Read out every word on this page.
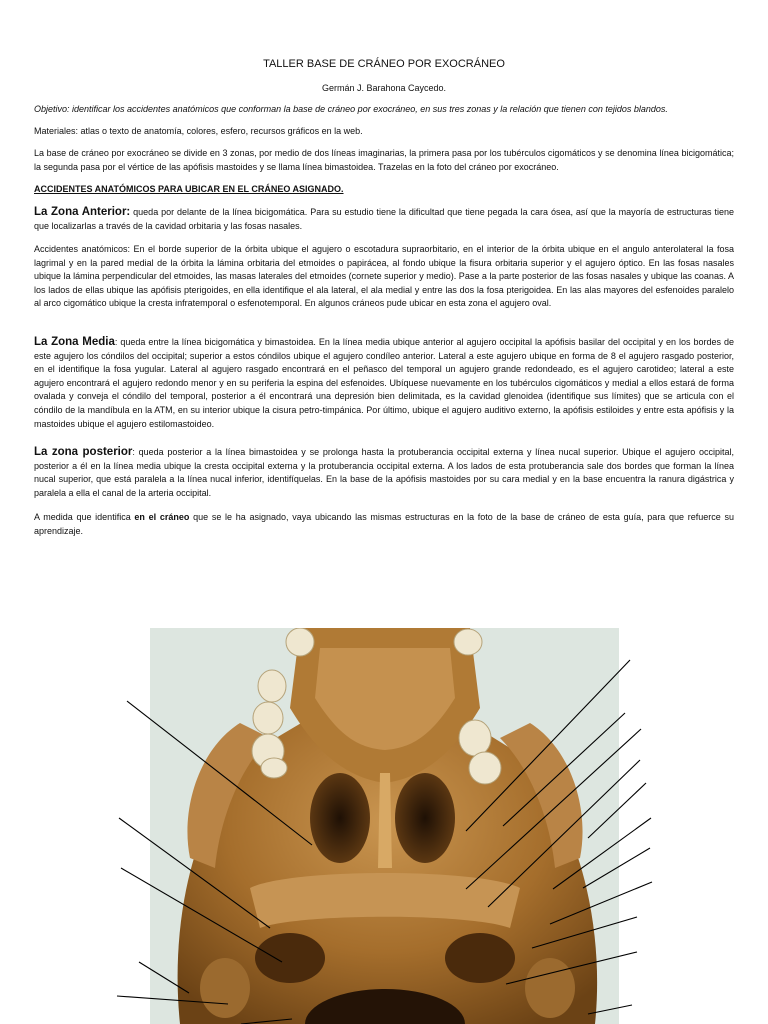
TALLER BASE DE CRÁNEO POR EXOCRÁNEO
Germán J. Barahona Caycedo.

Objetivo: identificar los accidentes anatómicos que conforman la base de cráneo por exocráneo, en sus tres zonas y la relación que tienen con tejidos blandos.

Materiales: atlas o texto de anatomía, colores, esfero, recursos gráficos en la web.

La base de cráneo por exocráneo se divide en 3 zonas, por medio de dos líneas imaginarias, la primera pasa por los tubérculos cigomáticos y se denomina línea bicigomática; la segunda pasa por el vértice de las apófisis mastoides y se llama línea bimastoidea. Trazelas en la foto del cráneo por exocráneo.

ACCIDENTES ANATÓMICOS PARA UBICAR EN EL CRÁNEO ASIGNADO.

La Zona Anterior: queda por delante de la línea bicigomática. Para su estudio tiene la dificultad que tiene pegada la cara ósea, así que la mayoría de estructuras tiene que localizarlas a través de la cavidad orbitaria y las fosas nasales.

Accidentes anatómicos: En el borde superior de la órbita ubique el agujero o escotadura supraorbitario, en el interior de la órbita ubique en el angulo anterolateral la fosa lagrimal y en la pared medial de la órbita la lámina orbitaria del etmoides o papirácea, al fondo ubique la fisura orbitaria superior y el agujero óptico. En las fosas nasales ubique la lámina perpendicular del etmoides, las masas laterales del etmoides (cornete superior y medio). Pase a la parte posterior de las fosas nasales y ubique las coanas. A los lados de ellas ubique las apófisis pterigoides, en ella identifique el ala lateral, el ala medial y entre las dos la fosa pterigoidea. En las alas mayores del esfenoides paralelo al arco cigomático ubique la cresta infratemporal o esfenotemporal. En algunos cráneos pude ubicar en esta zona el agujero oval.

La Zona Media: queda entre la línea bicigomática y bimastoidea. En la línea media ubique anterior al agujero occipital la apófisis basilar del occipital y en los bordes de este agujero los cóndilos del occipital; superior a estos cóndilos ubique el agujero condíleo anterior. Lateral a este agujero ubique en forma de 8 el agujero rasgado posterior, en el identifique la fosa yugular. Lateral al agujero rasgado encontrará en el peñasco del temporal un agujero grande redondeado, es el agujero carotideo; lateral a este agujero encontrará el agujero redondo menor y en su periferia la espina del esfenoides. Ubíquese nuevamente en los tubérculos cigomáticos y medial a ellos estará de forma ovalada y conveja el cóndilo del temporal, posterior a él encontrará una depresión bien delimitada, es la cavidad glenoidea (identifique sus límites) que se articula con el cóndilo de la mandíbula en la ATM, en su interior ubique la cisura petro-timpánica. Por último, ubique el agujero auditivo externo, la apófisis estiloides y entre esta apófisis y la mastoides ubique el agujero estilomastoideo.

La zona posterior: queda posterior a la línea bimastoidea y se prolonga hasta la protuberancia occipital externa y línea nucal superior. Ubique el agujero occipital, posterior a él en la línea media ubique la cresta occipital externa y la protuberancia occipital externa. A los lados de esta protuberancia sale dos bordes que forman la línea nucal superior, que está paralela a la línea nucal inferior, identifíquelas. En la base de la apófisis mastoides por su cara medial y en la base encuentra la ranura digástrica y paralela a ella el canal de la arteria occipital.

A medida que identifica en el cráneo que se le ha asignado, vaya ubicando las mismas estructuras en la foto de la base de cráneo de esta guía, para que refuerce su aprendizaje.
